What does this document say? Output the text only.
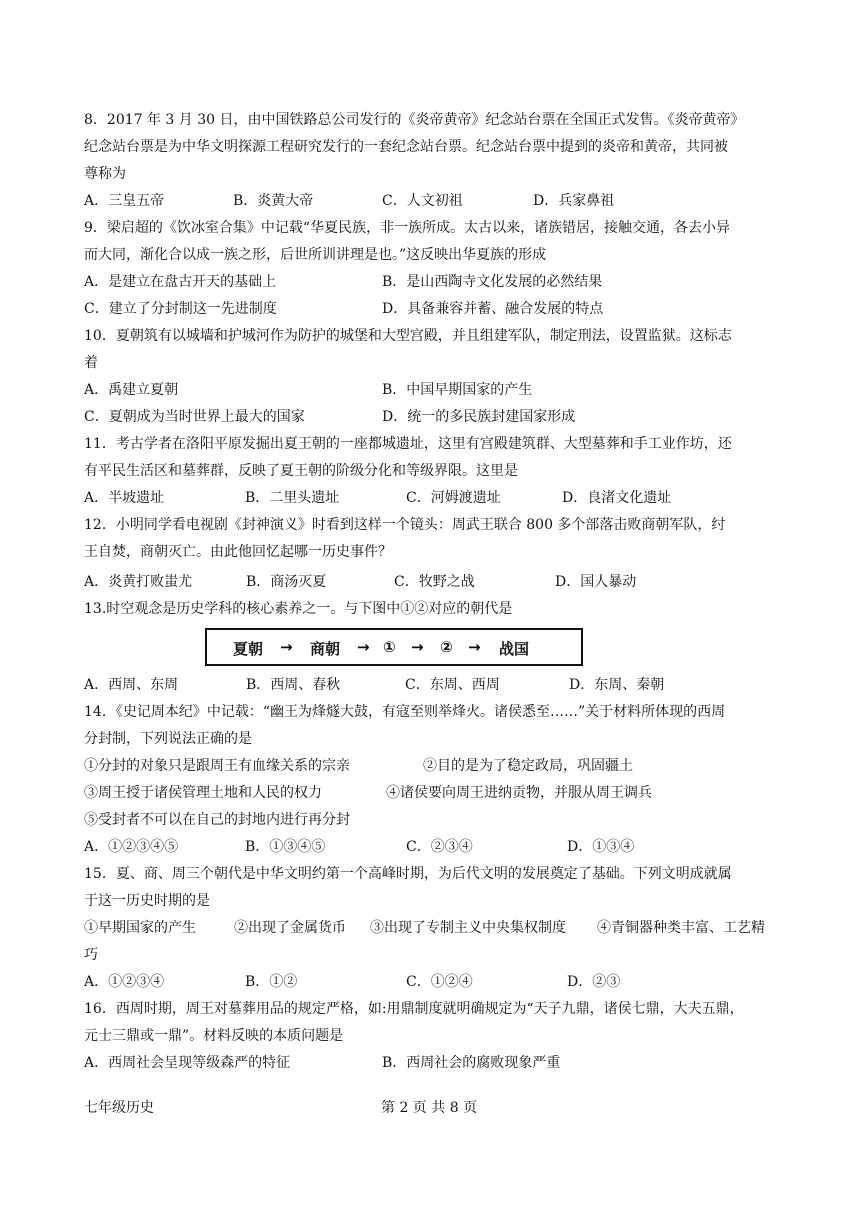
8．2017 年 3 月 30 日，由中国铁路总公司发行的《炎帝黄帝》纪念站台票在全国正式发售。《炎帝黄帝》
纪念站台票是为中华文明探源工程研究发行的一套纪念站台票。纪念站台票中提到的炎帝和黄帝，共同被
尊称为
A．三皇五帝	B．炎黄大帝	C．人文初祖	D．兵家鼻祖
9．梁启超的《饮冰室合集》中记载“华夏民族，非一族所成。太古以来，诸族错居，接触交通，各去小异
而大同，渐化合以成一族之形，后世所训讲理是也。”这反映出华夏族的形成
A．是建立在盘古开天的基础上	B．是山西陶寺文化发展的必然结果
C．建立了分封制这一先进制度	D．具备兼容并蓄、融合发展的特点
10．夏朝筑有以城墙和护城河作为防护的城堡和大型宫殿，并且组建军队，制定刑法，设置监狱。这标志
着
A．禹建立夏朝	B．中国早期国家的产生
C．夏朝成为当时世界上最大的国家	D．统一的多民族封建国家形成
11．考古学者在洛阳平原发掘出夏王朝的一座都城遗址，这里有宫殿建筑群、大型墓葬和手工业作坊，还
有平民生活区和墓葬群，反映了夏王朝的阶级分化和等级界限。这里是
A．半坡遗址	B．二里头遗址	C．河姆渡遗址	D．良渚文化遗址
12．小明同学看电视剧《封神演义》时看到这样一个镜头：周武王联合 800 多个部落击败商朝军队，纣
王自焚，商朝灭亡。由此他回忆起哪一历史事件？
A．炎黄打败蚩尤	B．商汤灭夏	C．牧野之战	D．国人暴动
13.时空观念是历史学科的核心素养之一。与下图中①②对应的朝代是
夏朝 → 商朝 → ① → ② → 战国
A．西周、东周	B．西周、春秋	C．东周、西周	D．东周、秦朝
14．《史记周本纪》中记载：“幽王为烽燧大鼓，有寇至则举烽火。诸侯悉至……”关于材料所体现的西周
分封制，下列说法正确的是
①分封的对象只是跟周王有血缘关系的宗亲	②目的是为了稳定政局，巩固疆土
③周王授于诸侯管理土地和人民的权力	④诸侯要向周王进纳贡物，并服从周王调兵
⑤受封者不可以在自己的封地内进行再分封
A．①②③④⑤	B．①③④⑤	C．②③④	D．①③④
15．夏、商、周三个朝代是中华文明约第一个高峰时期，为后代文明的发展奠定了基础。下列文明成就属
于这一历史时期的是
①早期国家的产生	②出现了金属货币 ③出现了专制主义中央集权制度 ④青铜器种类丰富、工艺精
巧
A．①②③④	B．①②	C．①②④	D．②③
16．西周时期，周王对墓葬用品的规定严格，如:用鼎制度就明确规定为“天子九鼎，诸侯七鼎，大夫五鼎，
元士三鼎或一鼎”。材料反映的本质问题是
A．西周社会呈现等级森严的特征	B．西周社会的腐败现象严重
七年级历史	第 2 页 共 8 页
